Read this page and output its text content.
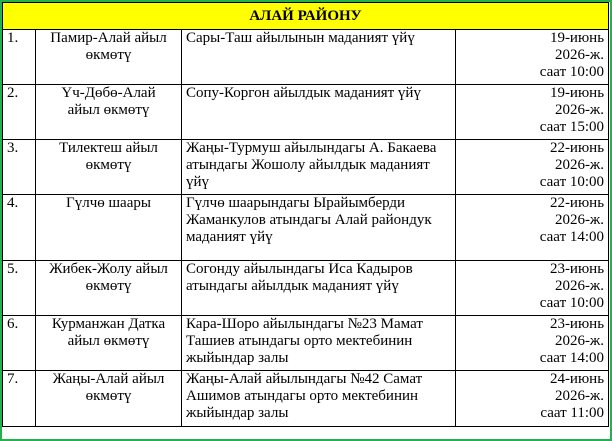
АЛАЙ РАЙОНУ			
1.	Памир-Алай айыл
өкмөтү	Сары-Таш айылынын маданият үйү	19-июнь
2026-ж.
саат 10:00

2.	Үч-Дөбө-Алай
айыл өкмөтү	Сопу-Коргон айылдык маданият үйү	19-июнь
2026-ж.
саат 15:00

3.	Тилектеш айыл
өкмөтү	Жаңы-Турмуш айылындагы А. Бакаева
атындагы Жошолу айылдык маданият
үйү	22-июнь
2026-ж.
саат 10:00

4.	Гүлчө шаары	Гүлчө шаарындагы Ырайымберди
Жаманкулов атындагы Алай райондук
маданият үйү	22-июнь
2026-ж.
саат 14:00

5.	Жибек-Жолу айыл
өкмөтү	Согонду айылындагы Иса Кадыров
атындагы айылдык маданият үйү	23-июнь
2026-ж.
саат 10:00

6.	Курманжан Датка
айыл өкмөтү	Кара-Шоро айылындагы №23 Мамат
Ташиев атындагы орто мектебинин
жыйындар залы	23-июнь
2026-ж.
саат 14:00

7.	Жаңы-Алай айыл
өкмөтү	Жаңы-Алай айылындагы №42 Самат
Ашимов атындагы орто мектебинин
жыйындар залы	24-июнь
2026-ж.
саат 11:00
